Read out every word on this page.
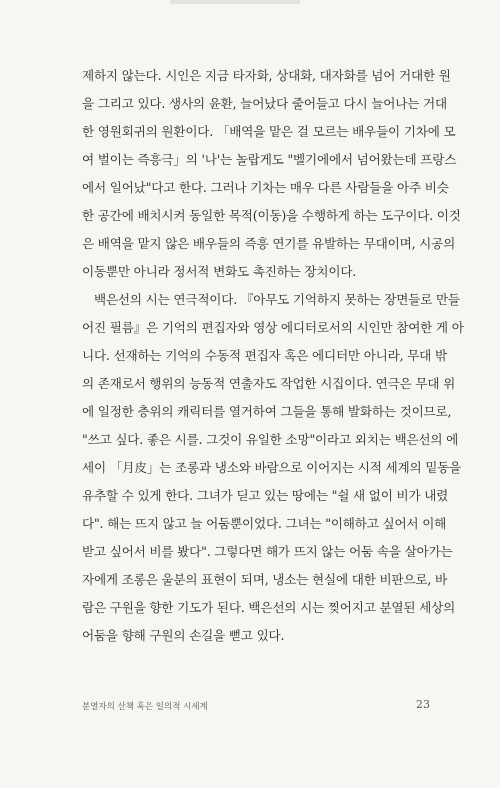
제하지 않는다. 시인은 지금 타자화, 상대화, 대자화를 넘어 거대한 원
을 그리고 있다. 생사의 윤환, 늘어났다 줄어들고 다시 늘어나는 거대
한 영원회귀의 원환이다. 「배역을 맡은 걸 모르는 배우들이 기차에 모
여 벌이는 즉흥극」의 '나'는 놀랍게도 "벨기에에서 넘어왔는데 프랑스
에서 일어났"다고 한다. 그러나 기차는 매우 다른 사람들을 아주 비슷
한 공간에 배치시켜 동일한 목적(이동)을 수행하게 하는 도구이다. 이것
은 배역을 맡지 않은 배우들의 즉흥 연기를 유발하는 무대이며, 시공의
이동뿐만 아니라 정서적 변화도 촉진하는 장치이다.
백은선의 시는 연극적이다. 『아무도 기억하지 못하는 장면들로 만들
어진 필름』은 기억의 편집자와 영상 에디터로서의 시인만 참여한 게 아
니다. 선재하는 기억의 수동적 편집자 혹은 에디터만 아니라, 무대 밖
의 존재로서 행위의 능동적 연출자도 작업한 시집이다. 연극은 무대 위
에 일정한 층위의 캐릭터를 열거하여 그들을 통해 발화하는 것이므로,
"쓰고 싶다. 좋은 시를. 그것이 유일한 소망"이라고 외치는 백은선의 에
세이 「月皮」는 조롱과 냉소와 바람으로 이어지는 시적 세계의 밑동을
유추할 수 있게 한다. 그녀가 딛고 있는 땅에는 "쉴 새 없이 비가 내렸
다". 해는 뜨지 않고 늘 어둠뿐이었다. 그녀는 "이해하고 싶어서 이해
받고 싶어서 비를 봤다". 그렇다면 해가 뜨지 않는 어둠 속을 살아가는
자에게 조롱은 울분의 표현이 되며, 냉소는 현실에 대한 비판으로, 바
람은 구원을 향한 기도가 된다. 백은선의 시는 찢어지고 분열된 세상의
어둠을 향해 구원의 손길을 뻗고 있다.
분열자의 산책 혹은 일의적 시세계	23
